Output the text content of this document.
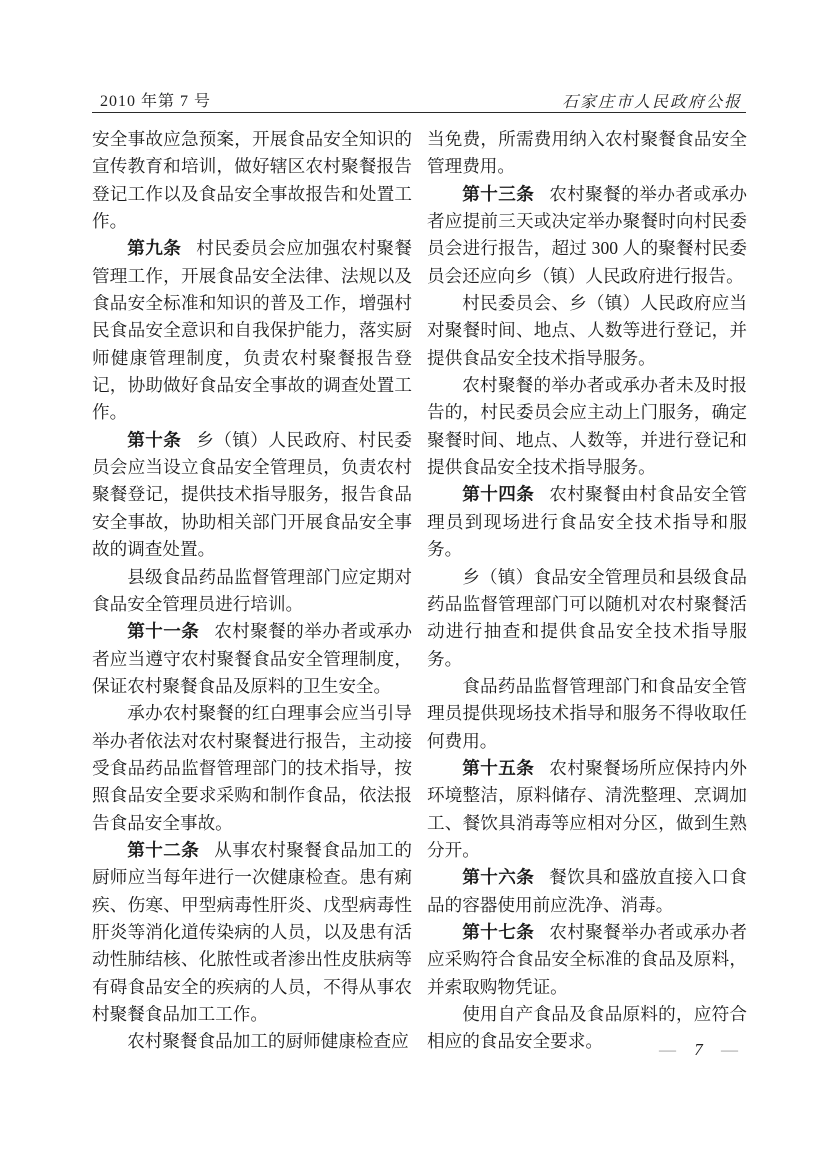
2010 年第 7 号	石家庄市人民政府公报

安全事故应急预案，开展食品安全知识的宣传教育和培训，做好辖区农村聚餐报告登记工作以及食品安全事故报告和处置工作。

第九条 村民委员会应加强农村聚餐管理工作，开展食品安全法律、法规以及食品安全标准和知识的普及工作，增强村民食品安全意识和自我保护能力，落实厨师健康管理制度，负责农村聚餐报告登记，协助做好食品安全事故的调查处置工作。

第十条 乡（镇）人民政府、村民委员会应当设立食品安全管理员，负责农村聚餐登记，提供技术指导服务，报告食品安全事故，协助相关部门开展食品安全事故的调查处置。

县级食品药品监督管理部门应定期对食品安全管理员进行培训。

第十一条 农村聚餐的举办者或承办者应当遵守农村聚餐食品安全管理制度，保证农村聚餐食品及原料的卫生安全。

承办农村聚餐的红白理事会应当引导举办者依法对农村聚餐进行报告，主动接受食品药品监督管理部门的技术指导，按照食品安全要求采购和制作食品，依法报告食品安全事故。

第十二条 从事农村聚餐食品加工的厨师应当每年进行一次健康检查。患有痢疾、伤寒、甲型病毒性肝炎、戊型病毒性肝炎等消化道传染病的人员，以及患有活动性肺结核、化脓性或者渗出性皮肤病等有碍食品安全的疾病的人员，不得从事农村聚餐食品加工工作。

农村聚餐食品加工的厨师健康检查应

当免费，所需费用纳入农村聚餐食品安全管理费用。

第十三条 农村聚餐的举办者或承办者应提前三天或决定举办聚餐时向村民委员会进行报告，超过 300 人的聚餐村民委员会还应向乡（镇）人民政府进行报告。

村民委员会、乡（镇）人民政府应当对聚餐时间、地点、人数等进行登记，并提供食品安全技术指导服务。

农村聚餐的举办者或承办者未及时报告的，村民委员会应主动上门服务，确定聚餐时间、地点、人数等，并进行登记和提供食品安全技术指导服务。

第十四条 农村聚餐由村食品安全管理员到现场进行食品安全技术指导和服务。

乡（镇）食品安全管理员和县级食品药品监督管理部门可以随机对农村聚餐活动进行抽查和提供食品安全技术指导服务。

食品药品监督管理部门和食品安全管理员提供现场技术指导和服务不得收取任何费用。

第十五条 农村聚餐场所应保持内外环境整洁，原料储存、清洗整理、烹调加工、餐饮具消毒等应相对分区，做到生熟分开。

第十六条 餐饮具和盛放直接入口食品的容器使用前应洗净、消毒。

第十七条 农村聚餐举办者或承办者应采购符合食品安全标准的食品及原料，并索取购物凭证。

使用自产食品及食品原料的，应符合相应的食品安全要求。	— 7 —
